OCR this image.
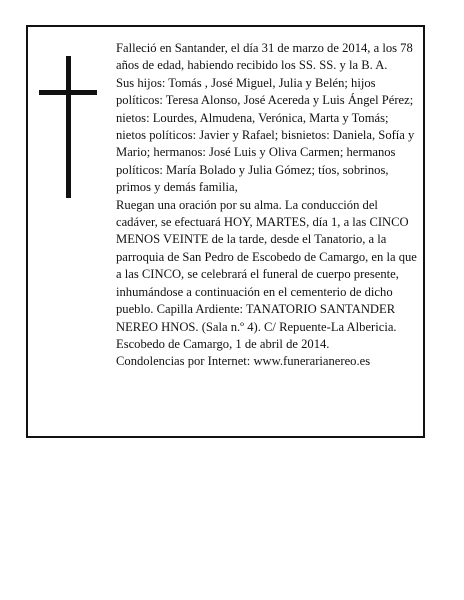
Falleció en Santander, el día 31 de marzo de 2014, a los 78 años de edad, habiendo recibido los SS. SS. y la B. A.

Sus hijos: Tomás , José Miguel, Julia y Belén; hijos políticos: Teresa Alonso, José Acereda y Luis Ángel Pérez; nietos: Lourdes, Almudena, Verónica, Marta y Tomás; nietos políticos: Javier y Rafael; bisnietos: Daniela, Sofía y Mario; hermanos: José Luis y Oliva Carmen; hermanos políticos: María Bolado y Julia Gómez; tíos, sobrinos, primos y demás familia,

Ruegan una oración por su alma. La conducción del cadáver, se efectuará HOY, MARTES, día 1, a las CINCO MENOS VEINTE de la tarde, desde el Tanatorio, a la parroquia de San Pedro de Escobedo de Camargo, en la que a las CINCO, se celebrará el funeral de cuerpo presente, inhumándose a continuación en el cementerio de dicho pueblo. Capilla Ardiente: TANATORIO SANTANDER NEREO HNOS. (Sala n.º 4). C/ Repuente-La Albericia.

Escobedo de Camargo, 1 de abril de 2014.

Condolencias por Internet: www.funerarianereo.es
